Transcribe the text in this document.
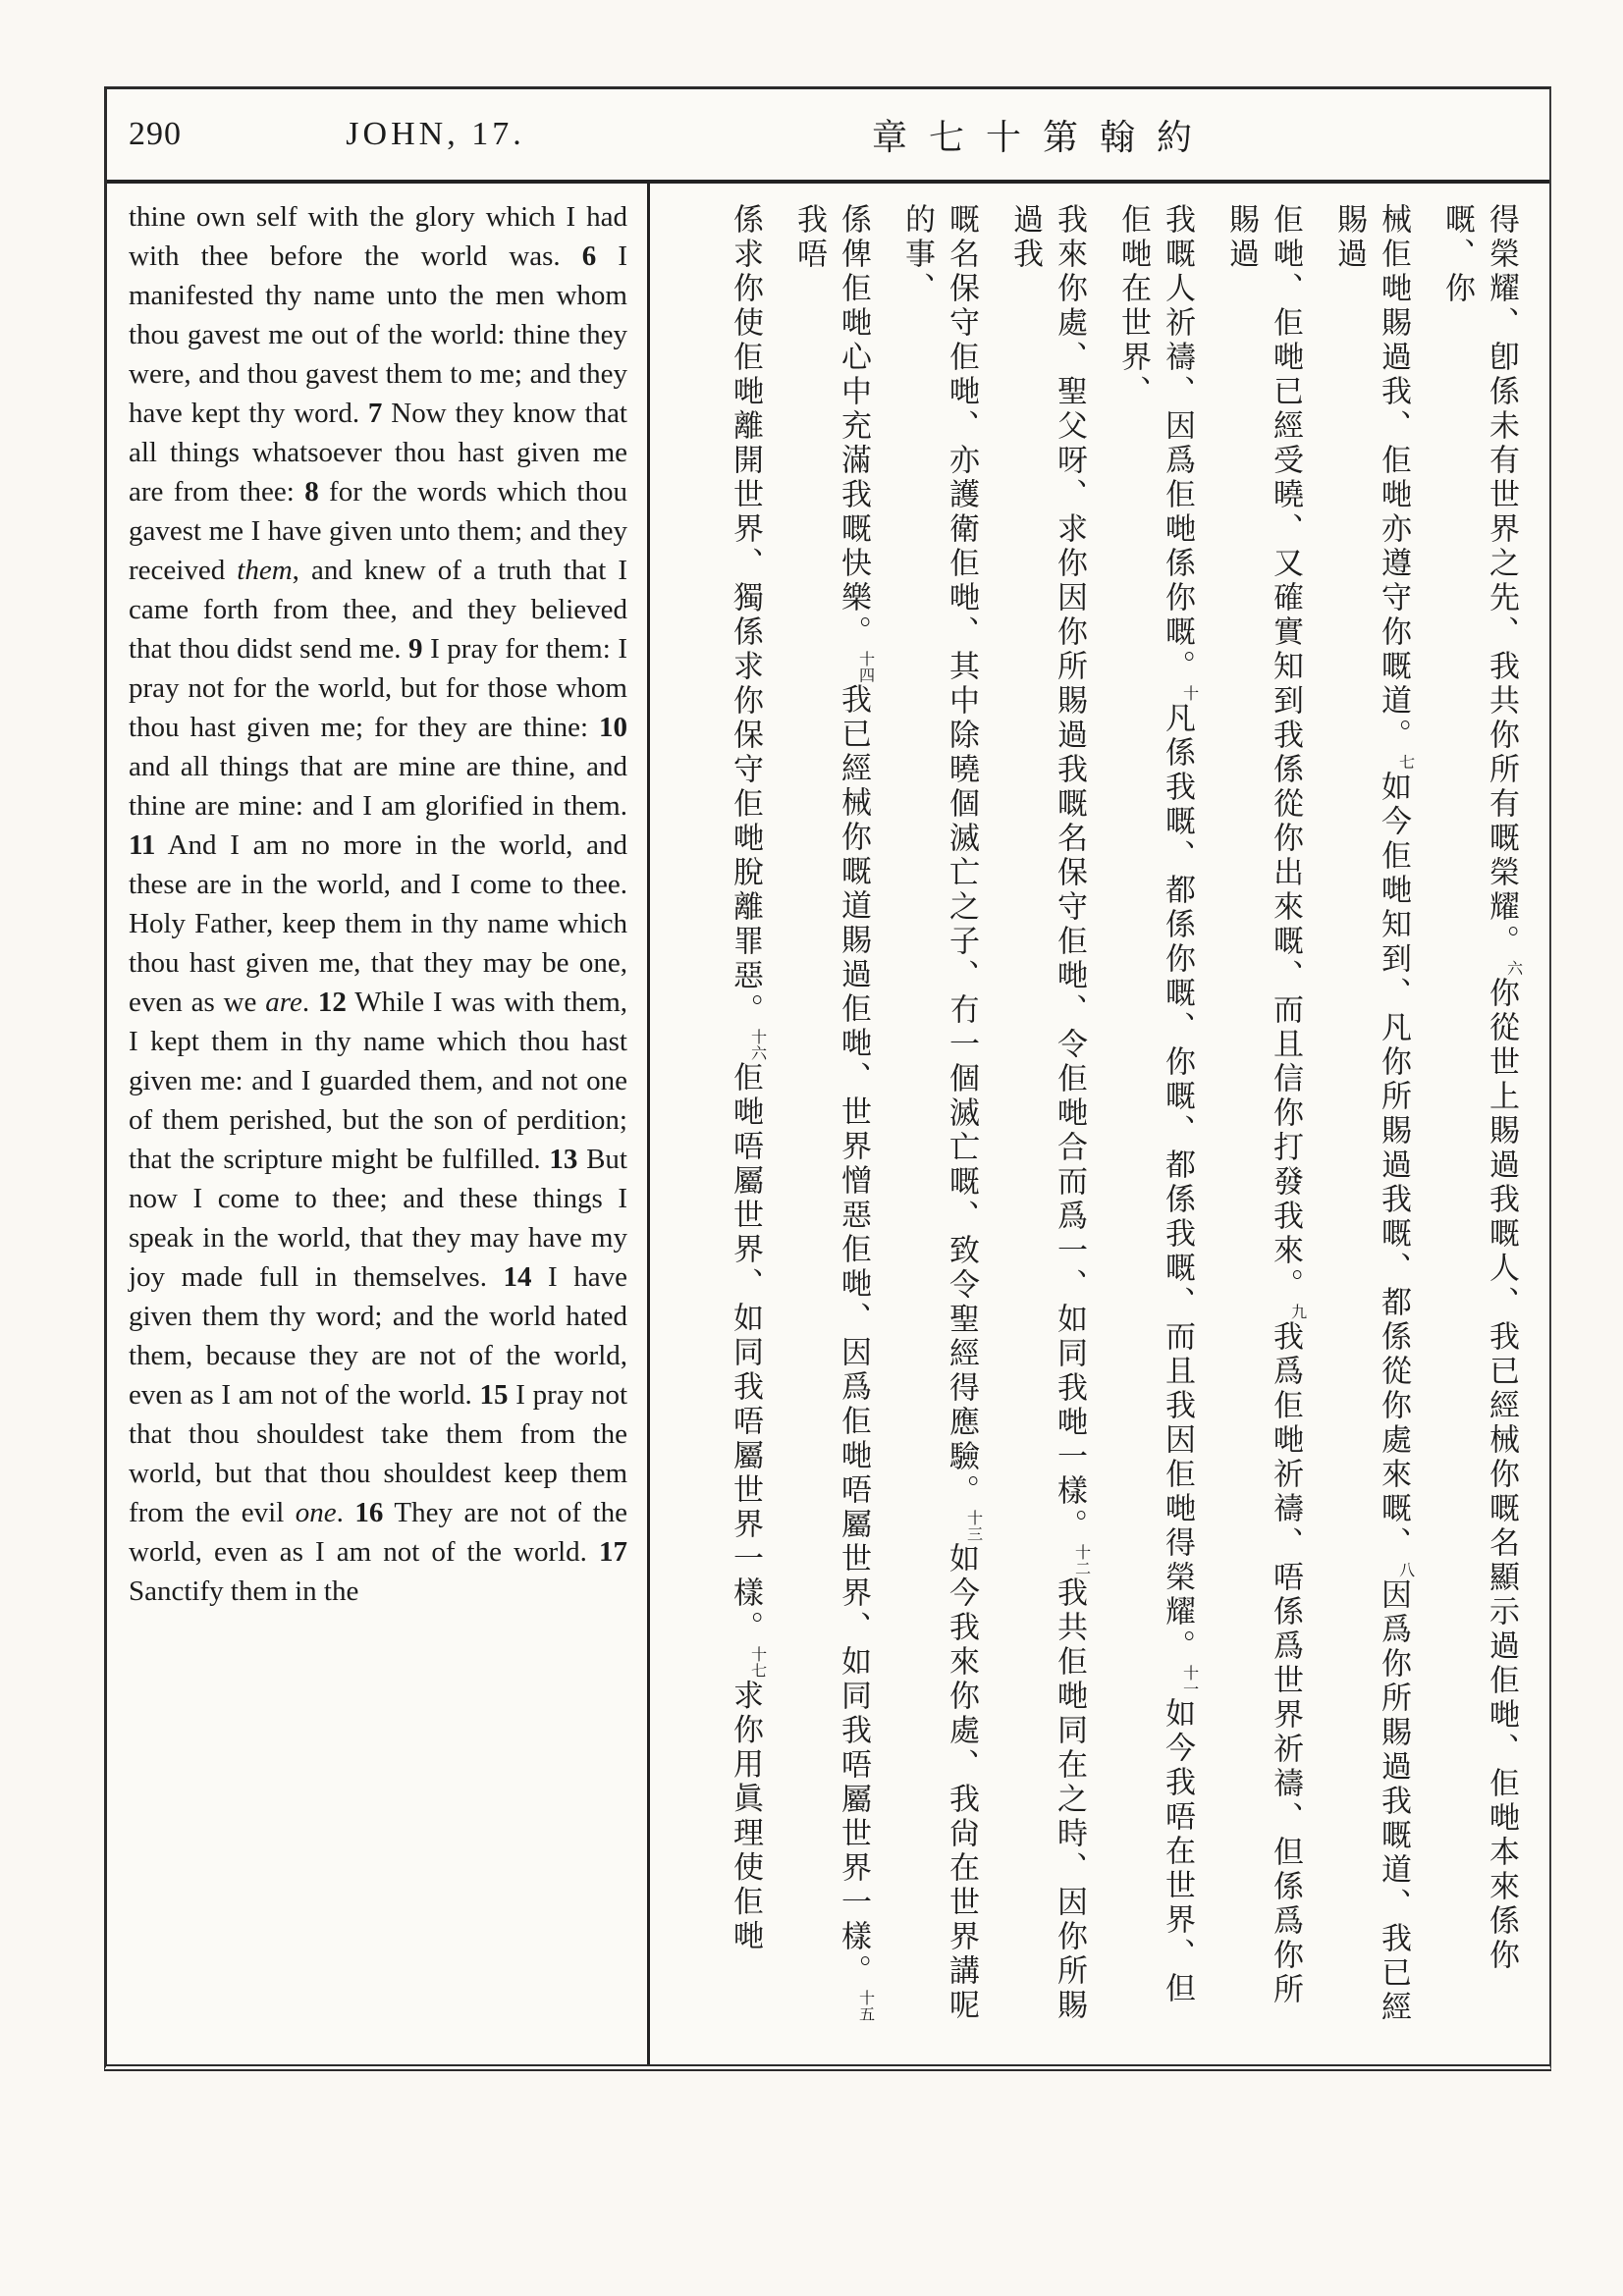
290	JOHN, 17.	章七十第翰約
thine own self with the glory which I had with thee before the world was. 6 I manifested thy name unto the men whom thou gavest me out of the world: thine they were, and thou gavest them to me; and they have kept thy word. 7 Now they know that all things whatsoever thou hast given me are from thee: 8 for the words which thou gavest me I have given unto them; and they received them, and knew of a truth that I came forth from thee, and they believed that thou didst send me. 9 I pray for them: I pray not for the world, but for those whom thou hast given me; for they are thine: 10 and all things that are mine are thine, and thine are mine: and I am glorified in them. 11 And I am no more in the world, and these are in the world, and I come to thee. Holy Father, keep them in thy name which thou hast given me, that they may be one, even as we are. 12 While I was with them, I kept them in thy name which thou hast given me: and I guarded them, and not one of them perished, but the son of perdition; that the scripture might be fulfilled. 13 But now I come to thee; and these things I speak in the world, that they may have my joy made full in themselves. 14 I have given them thy word; and the world hated them, because they are not of the world, even as I am not of the world. 15 I pray not that thou shouldest take them from the world, but that thou shouldest keep them from the evil one. 16 They are not of the world, even as I am not of the world. 17 Sanctify them in the
得榮耀、卽係未有世界之先、我共你所有嘅榮耀。六你從世上賜過我嘅人、我已經械你嘅名顯示過佢哋、佢哋本來係你嘅、你
械佢哋賜過我、佢哋亦遵守你嘅道。七如今佢哋知到、凡你所賜過我嘅、都係從你處來嘅、八因爲你所賜過我嘅道、我已經賜過
佢哋、佢哋已經受曉、又確實知到我係從你出來嘅、而且信你打發我來。九我爲佢哋祈禱、唔係爲世界祈禱、但係爲你所賜過
我嘅人祈禱、因爲佢哋係你嘅。十凡係我嘅、都係你嘅、你嘅、都係我嘅、而且我因佢哋得榮耀。十一如今我唔在世界、但佢哋在世界、
我來你處、聖父呀、求你因你所賜過我嘅名保守佢哋、令佢哋合而爲一、如同我哋一樣。十二我共佢哋同在之時、因你所賜過我
嘅名保守佢哋、亦護衛佢哋、其中除曉個滅亡之子、冇一個滅亡嘅、致令聖經得應驗。十三如今我來你處、我尙在世界講呢的事、
係俾佢哋心中充滿我嘅快樂。十四我已經械你嘅道賜過佢哋、世界憎惡佢哋、因爲佢哋唔屬世界、如同我唔屬世界一樣。十五我唔
係求你使佢哋離開世界、獨係求你保守佢哋脫離罪惡。十六佢哋唔屬世界、如同我唔屬世界一樣。十七求你用眞理使佢哋
